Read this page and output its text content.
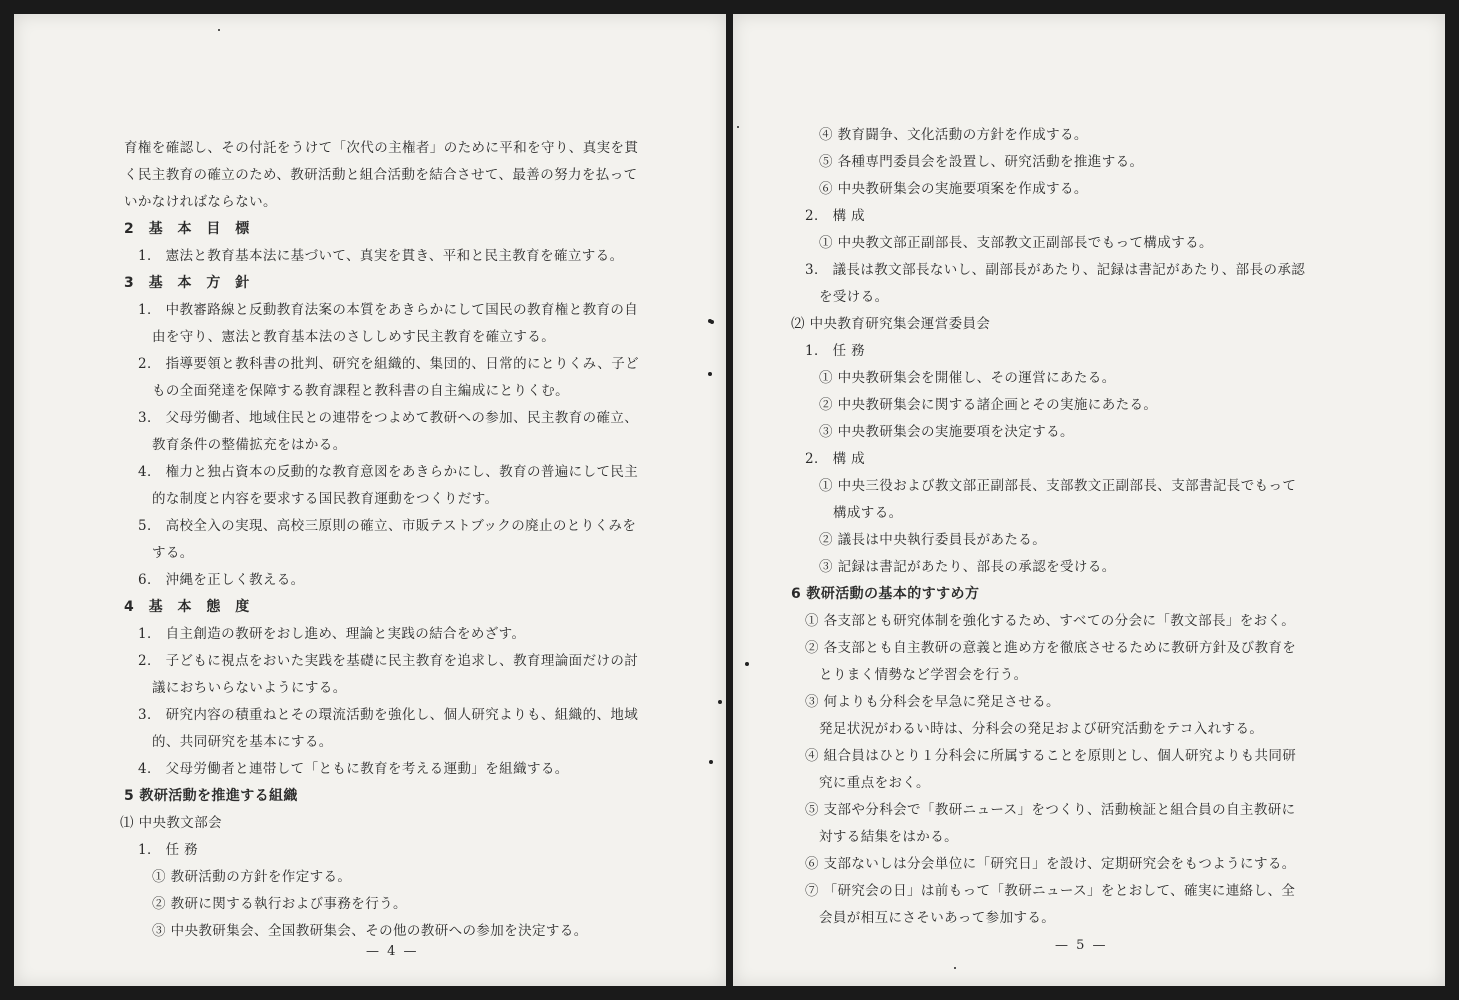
育権を確認し、その付託をうけて「次代の主権者」のために平和を守り、真実を貫
く民主教育の確立のため、教研活動と組合活動を結合させて、最善の努力を払って
いかなければならない。
2 基 本 目 標
1． 憲法と教育基本法に基づいて、真実を貫き、平和と民主教育を確立する。
3 基 本 方 針
1． 中教審路線と反動教育法案の本質をあきらかにして国民の教育権と教育の自
由を守り、憲法と教育基本法のさししめす民主教育を確立する。
2． 指導要領と教科書の批判、研究を組織的、集団的、日常的にとりくみ、子ど
もの全面発達を保障する教育課程と教科書の自主編成にとりくむ。
3． 父母労働者、地域住民との連帯をつよめて教研への参加、民主教育の確立、
教育条件の整備拡充をはかる。
4． 権力と独占資本の反動的な教育意図をあきらかにし、教育の普遍にして民主
的な制度と内容を要求する国民教育運動をつくりだす。
5． 高校全入の実現、高校三原則の確立、市販テストブックの廃止のとりくみを
する。
6． 沖縄を正しく教える。
4 基 本 態 度
1． 自主創造の教研をおし進め、理論と実践の結合をめざす。
2． 子どもに視点をおいた実践を基礎に民主教育を追求し、教育理論面だけの討
議におちいらないようにする。
3． 研究内容の積重ねとその環流活動を強化し、個人研究よりも、組織的、地域
的、共同研究を基本にする。
4． 父母労働者と連帯して「ともに教育を考える運動」を組織する。
5 教研活動を推進する組織
⑴ 中央教文部会
1． 任 務
① 教研活動の方針を作定する。
② 教研に関する執行および事務を行う。
③ 中央教研集会、全国教研集会、その他の教研への参加を決定する。
— 4 —
④ 教育闘争、文化活動の方針を作成する。
⑤ 各種専門委員会を設置し、研究活動を推進する。
⑥ 中央教研集会の実施要項案を作成する。
2． 構 成
① 中央教文部正副部長、支部教文正副部長でもって構成する。
3． 議長は教文部長ないし、副部長があたり、記録は書記があたり、部長の承認
を受ける。
⑵ 中央教育研究集会運営委員会
1． 任 務
① 中央教研集会を開催し、その運営にあたる。
② 中央教研集会に関する諸企画とその実施にあたる。
③ 中央教研集会の実施要項を決定する。
2． 構 成
① 中央三役および教文部正副部長、支部教文正副部長、支部書記長でもって
構成する。
② 議長は中央執行委員長があたる。
③ 記録は書記があたり、部長の承認を受ける。
6 教研活動の基本的すすめ方
① 各支部とも研究体制を強化するため、すべての分会に「教文部長」をおく。
② 各支部とも自主教研の意義と進め方を徹底させるために教研方針及び教育を
とりまく情勢など学習会を行う。
③ 何よりも分科会を早急に発足させる。
発足状況がわるい時は、分科会の発足および研究活動をテコ入れする。
④ 組合員はひとり１分科会に所属することを原則とし、個人研究よりも共同研
究に重点をおく。
⑤ 支部や分科会で「教研ニュース」をつくり、活動検証と組合員の自主教研に
対する結集をはかる。
⑥ 支部ないしは分会単位に「研究日」を設け、定期研究会をもつようにする。
⑦ 「研究会の日」は前もって「教研ニュース」をとおして、確実に連絡し、全
会員が相互にさそいあって参加する。
— 5 —
